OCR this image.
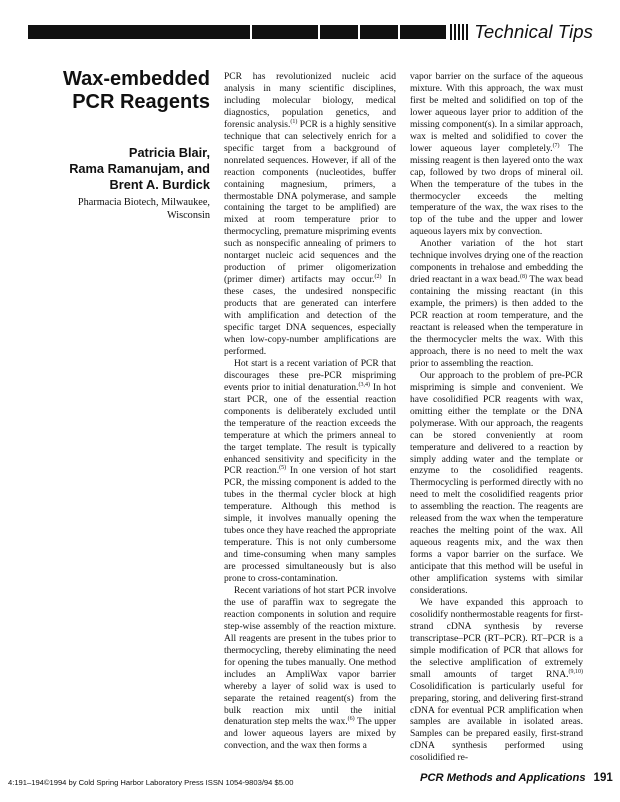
Technical Tips
Wax-embedded
PCR Reagents
Patricia Blair,
Rama Ramanujam, and
Brent A. Burdick
Pharmacia Biotech, Milwaukee,
Wisconsin

PCR has revolutionized nucleic acid analysis in many scientific disciplines, including molecular biology, medical diagnostics, population genetics, and forensic analysis.$^{(1)}$ PCR is a highly sensitive technique that can selectively enrich for a specific target from a background of nonrelated sequences. However, if all of the reaction components (nucleotides, buffer containing magnesium, primers, a thermostable DNA polymerase, and sample containing the target to be amplified) are mixed at room temperature prior to thermocycling, premature mispriming events such as nonspecific annealing of primers to nontarget nucleic acid sequences and the production of primer oligomerization (primer dimer) artifacts may occur.$^{(2)}$ In these cases, the undesired nonspecific products that are generated can interfere with amplification and detection of the specific target DNA sequences, especially when low-copy-number amplifications are performed.

Hot start is a recent variation of PCR that discourages these pre-PCR mispriming events prior to initial denaturation.$^{(3,4)}$ In hot start PCR, one of the essential reaction components is deliberately excluded until the temperature of the reaction exceeds the temperature at which the primers anneal to the target template. The result is typically enhanced sensitivity and specificity in the PCR reaction.$^{(5)}$ In one version of hot start PCR, the missing component is added to the tubes in the thermal cycler block at high temperature. Although this method is simple, it involves manually opening the tubes once they have reached the appropriate temperature. This is not only cumbersome and time-consuming when many samples are processed simultaneously but is also prone to cross-contamination.

Recent variations of hot start PCR involve the use of paraffin wax to segregate the reaction components in solution and require step-wise assembly of the reaction mixture. All reagents are present in the tubes prior to thermocycling, thereby eliminating the need for opening the tubes manually. One method includes an AmpliWax vapor barrier whereby a layer of solid wax is used to separate the retained reagent(s) from the bulk reaction mix until the initial denaturation step melts the wax.$^{(6)}$ The upper and lower aqueous layers are mixed by convection, and the wax then forms a

vapor barrier on the surface of the aqueous mixture. With this approach, the wax must first be melted and solidified on top of the lower aqueous layer prior to addition of the missing component(s). In a similar approach, wax is melted and solidified to cover the lower aqueous layer completely.$^{(7)}$ The missing reagent is then layered onto the wax cap, followed by two drops of mineral oil. When the temperature of the tubes in the thermocycler exceeds the melting temperature of the wax, the wax rises to the top of the tube and the upper and lower aqueous layers mix by convection.

Another variation of the hot start technique involves drying one of the reaction components in trehalose and embedding the dried reactant in a wax bead.$^{(8)}$ The wax bead containing the missing reactant (in this example, the primers) is then added to the PCR reaction at room temperature, and the reactant is released when the temperature in the thermocycler melts the wax. With this approach, there is no need to melt the wax prior to assembling the reaction.

Our approach to the problem of pre-PCR mispriming is simple and convenient. We have cosolidified PCR reagents with wax, omitting either the template or the DNA polymerase. With our approach, the reagents can be stored conveniently at room temperature and delivered to a reaction by simply adding water and the template or enzyme to the cosolidified reagents. Thermocycling is performed directly with no need to melt the cosolidified reagents prior to assembling the reaction. The reagents are released from the wax when the temperature reaches the melting point of the wax. All aqueous reagents mix, and the wax then forms a vapor barrier on the surface. We anticipate that this method will be useful in other amplification systems with similar considerations.

We have expanded this approach to cosolidify nonthermostable reagents for first-strand cDNA synthesis by reverse transcriptase–PCR (RT–PCR). RT–PCR is a simple modification of PCR that allows for the selective amplification of extremely small amounts of target RNA.$^{(9,10)}$ Cosolidification is particularly useful for preparing, storing, and delivering first-strand cDNA for eventual PCR amplification when samples are available in isolated areas. Samples can be prepared easily, first-strand cDNA synthesis performed using cosolidified re-

4:191–194©1994 by Cold Spring Harbor Laboratory Press ISSN 1054-9803/94 $5.00	PCR Methods and Applications 191
